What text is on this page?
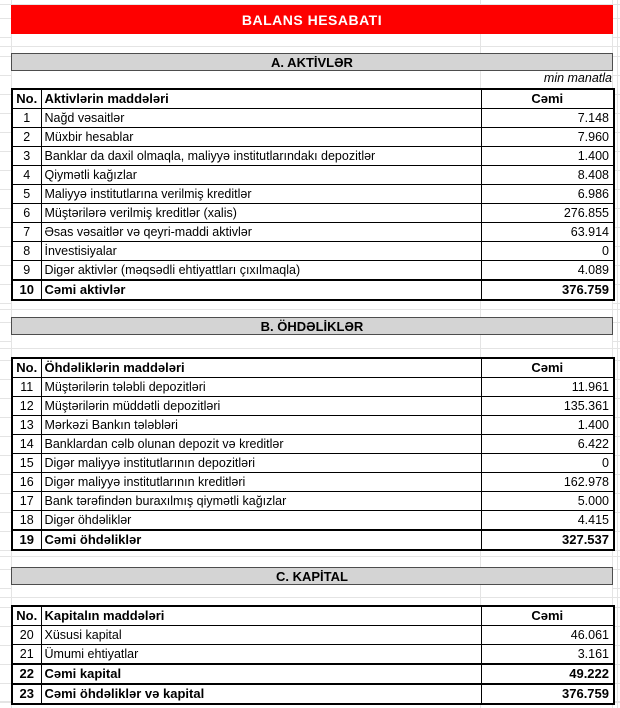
BALANS HESABATI
A. AKTİVLƏR
min manatla
No.	Aktivlərin maddələri	Cəmi
1	Nağd vəsaitlər	7.148
2	Müxbir hesablar	7.960
3	Banklar da daxil olmaqla, maliyyə institutlarındakı depozitlər	1.400
4	Qiymətli kağızlar	8.408
5	Maliyyə institutlarına verilmiş kreditlər	6.986
6	Müştərilərə verilmiş kreditlər (xalis)	276.855
7	Əsas vəsaitlər və qeyri-maddi aktivlər	63.914
8	İnvestisiyalar	0
9	Digər aktivlər (məqsədli ehtiyattları çıxılmaqla)	4.089
10	Cəmi aktivlər	376.759
B. ÖHDƏLİKLƏR
No.	Öhdəliklərin maddələri	Cəmi
11	Müştərilərin tələbli depozitləri	11.961
12	Müştərilərin müddətli depozitləri	135.361
13	Mərkəzi Bankın tələbləri	1.400
14	Banklardan cəlb olunan depozit və kreditlər	6.422
15	Digər maliyyə institutlarının depozitləri	0
16	Digər maliyyə institutlarının kreditləri	162.978
17	Bank tərəfindən buraxılmış qiymətli kağızlar	5.000
18	Digər öhdəliklər	4.415
19	Cəmi öhdəliklər	327.537
C. KAPİTAL
No.	Kapitalın maddələri	Cəmi
20	Xüsusi kapital	46.061
21	Ümumi ehtiyatlar	3.161
22	Cəmi kapital	49.222
23	Cəmi öhdəliklər və kapital	376.759
